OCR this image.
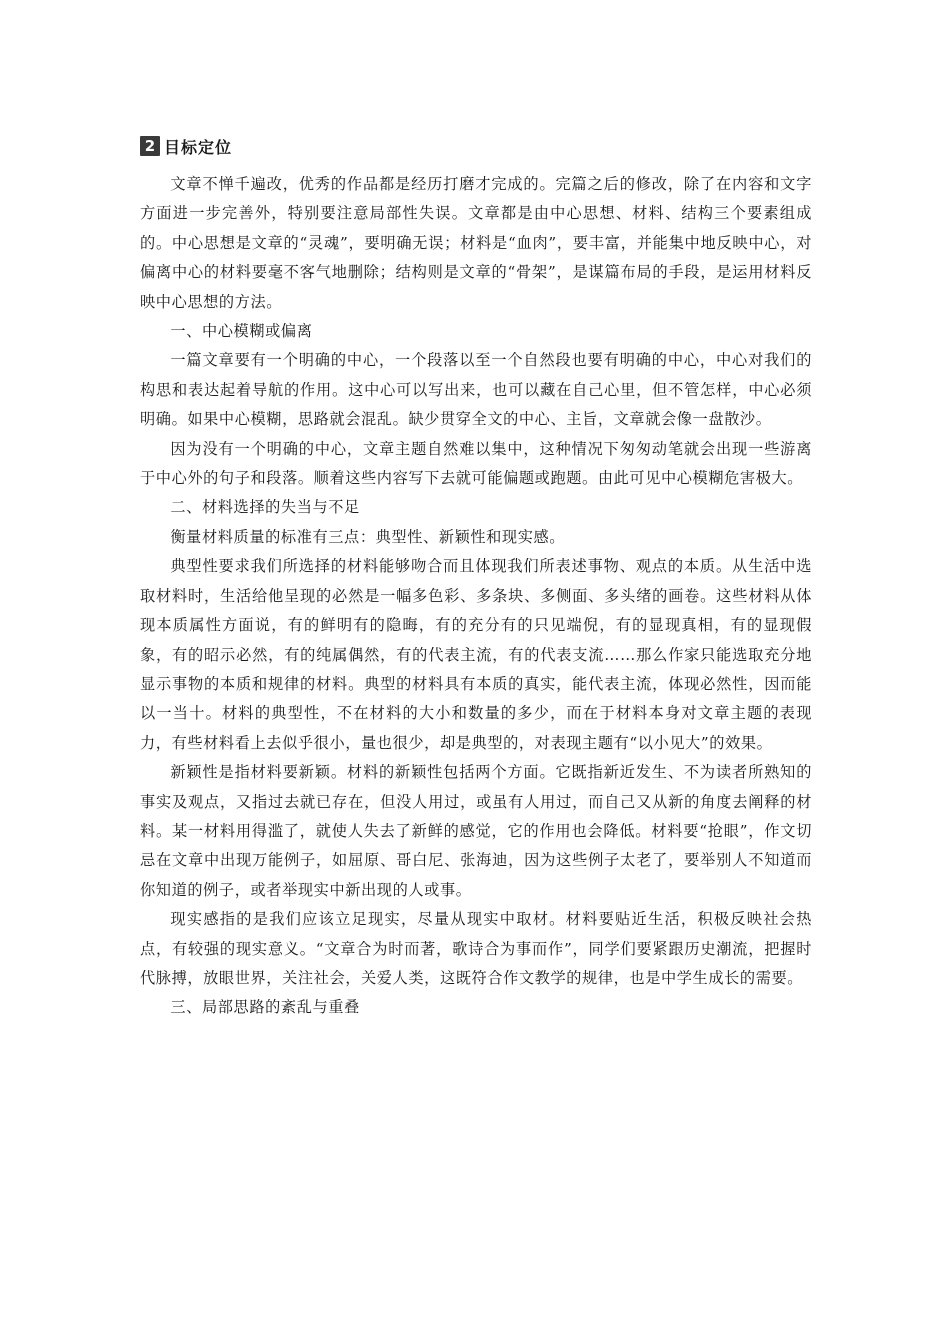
2 目标定位

文章不惮千遍改，优秀的作品都是经历打磨才完成的。完篇之后的修改，除了在内容和文字方面进一步完善外，特别要注意局部性失误。文章都是由中心思想、材料、结构三个要素组成的。中心思想是文章的“灵魂”，要明确无误；材料是“血肉”，要丰富，并能集中地反映中心，对偏离中心的材料要毫不客气地删除；结构则是文章的“骨架”，是谋篇布局的手段，是运用材料反映中心思想的方法。

一、中心模糊或偏离

一篇文章要有一个明确的中心，一个段落以至一个自然段也要有明确的中心，中心对我们的构思和表达起着导航的作用。这中心可以写出来，也可以藏在自己心里，但不管怎样，中心必须明确。如果中心模糊，思路就会混乱。缺少贯穿全文的中心、主旨，文章就会像一盘散沙。

因为没有一个明确的中心，文章主题自然难以集中，这种情况下匆匆动笔就会出现一些游离于中心外的句子和段落。顺着这些内容写下去就可能偏题或跑题。由此可见中心模糊危害极大。

二、材料选择的失当与不足

衡量材料质量的标准有三点：典型性、新颖性和现实感。

典型性要求我们所选择的材料能够吻合而且体现我们所表述事物、观点的本质。从生活中选取材料时，生活给他呈现的必然是一幅多色彩、多条块、多侧面、多头绪的画卷。这些材料从体现本质属性方面说，有的鲜明有的隐晦，有的充分有的只见端倪，有的显现真相，有的显现假象，有的昭示必然，有的纯属偶然，有的代表主流，有的代表支流……那么作家只能选取充分地显示事物的本质和规律的材料。典型的材料具有本质的真实，能代表主流，体现必然性，因而能以一当十。材料的典型性，不在材料的大小和数量的多少，而在于材料本身对文章主题的表现力，有些材料看上去似乎很小，量也很少，却是典型的，对表现主题有“以小见大”的效果。

新颖性是指材料要新颖。材料的新颖性包括两个方面。它既指新近发生、不为读者所熟知的事实及观点，又指过去就已存在，但没人用过，或虽有人用过，而自己又从新的角度去阐释的材料。某一材料用得滥了，就使人失去了新鲜的感觉，它的作用也会降低。材料要“抢眼”，作文切忌在文章中出现万能例子，如屈原、哥白尼、张海迪，因为这些例子太老了，要举别人不知道而你知道的例子，或者举现实中新出现的人或事。

现实感指的是我们应该立足现实，尽量从现实中取材。材料要贴近生活，积极反映社会热点，有较强的现实意义。“文章合为时而著，歌诗合为事而作”，同学们要紧跟历史潮流，把握时代脉搏，放眼世界，关注社会，关爱人类，这既符合作文教学的规律，也是中学生成长的需要。

三、局部思路的紊乱与重叠
